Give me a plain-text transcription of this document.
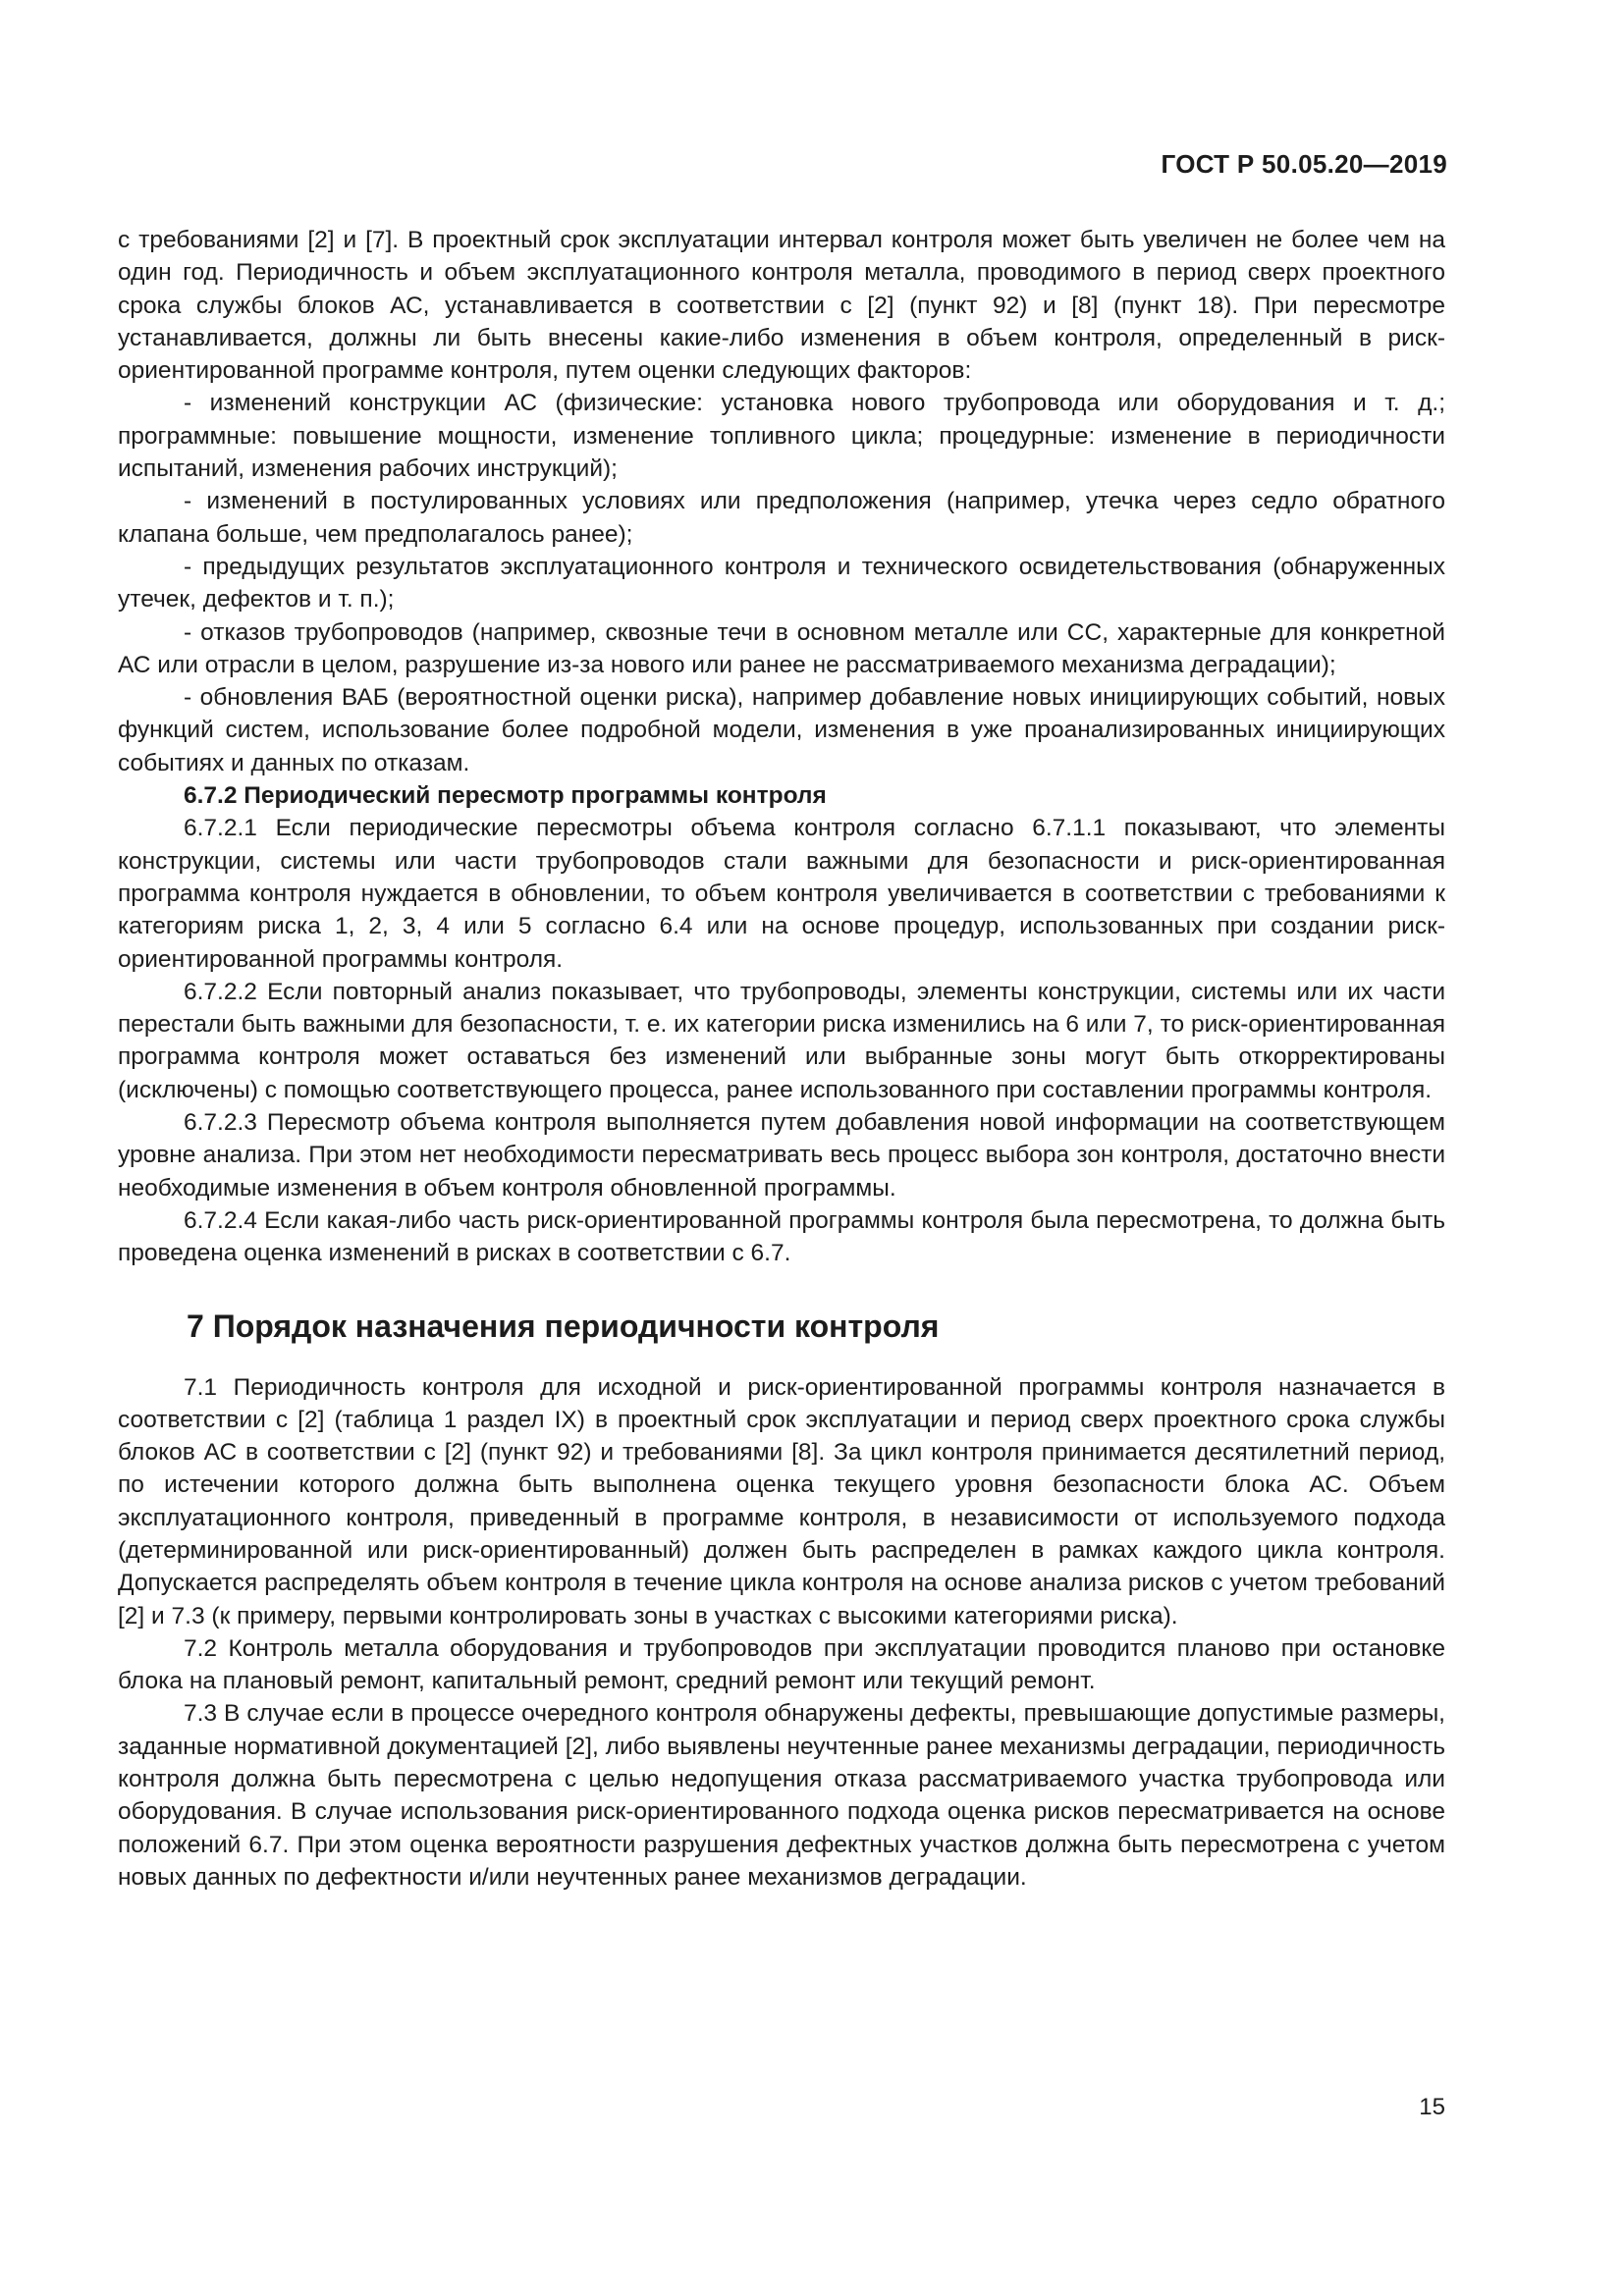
ГОСТ Р 50.05.20—2019

с требованиями [2] и [7]. В проектный срок эксплуатации интервал контроля может быть увеличен не более чем на один год. Периодичность и объем эксплуатационного контроля металла, проводимого в период сверх проектного срока службы блоков АС, устанавливается в соответствии с [2] (пункт 92) и [8] (пункт 18). При пересмотре устанавливается, должны ли быть внесены какие-либо изменения в объем контроля, определенный в риск-ориентированной программе контроля, путем оценки следующих факторов:

- изменений конструкции АС (физические: установка нового трубопровода или оборудования и т. д.; программные: повышение мощности, изменение топливного цикла; процедурные: изменение в периодичности испытаний, изменения рабочих инструкций);

- изменений в постулированных условиях или предположения (например, утечка через седло обратного клапана больше, чем предполагалось ранее);

- предыдущих результатов эксплуатационного контроля и технического освидетельствования (обнаруженных утечек, дефектов и т. п.);

- отказов трубопроводов (например, сквозные течи в основном металле или СС, характерные для конкретной АС или отрасли в целом, разрушение из-за нового или ранее не рассматриваемого механизма деградации);

- обновления ВАБ (вероятностной оценки риска), например добавление новых инициирующих событий, новых функций систем, использование более подробной модели, изменения в уже проанализированных инициирующих событиях и данных по отказам.

6.7.2 Периодический пересмотр программы контроля

6.7.2.1 Если периодические пересмотры объема контроля согласно 6.7.1.1 показывают, что элементы конструкции, системы или части трубопроводов стали важными для безопасности и риск-ориентированная программа контроля нуждается в обновлении, то объем контроля увеличивается в соответствии с требованиями к категориям риска 1, 2, 3, 4 или 5 согласно 6.4 или на основе процедур, использованных при создании риск-ориентированной программы контроля.

6.7.2.2 Если повторный анализ показывает, что трубопроводы, элементы конструкции, системы или их части перестали быть важными для безопасности, т. е. их категории риска изменились на 6 или 7, то риск-ориентированная программа контроля может оставаться без изменений или выбранные зоны могут быть откорректированы (исключены) с помощью соответствующего процесса, ранее использованного при составлении программы контроля.

6.7.2.3 Пересмотр объема контроля выполняется путем добавления новой информации на соответствующем уровне анализа. При этом нет необходимости пересматривать весь процесс выбора зон контроля, достаточно внести необходимые изменения в объем контроля обновленной программы.

6.7.2.4 Если какая-либо часть риск-ориентированной программы контроля была пересмотрена, то должна быть проведена оценка изменений в рисках в соответствии с 6.7.

7 Порядок назначения периодичности контроля

7.1 Периодичность контроля для исходной и риск-ориентированной программы контроля назначается в соответствии с [2] (таблица 1 раздел IX) в проектный срок эксплуатации и период сверх проектного срока службы блоков АС в соответствии с [2] (пункт 92) и требованиями [8]. За цикл контроля принимается десятилетний период, по истечении которого должна быть выполнена оценка текущего уровня безопасности блока АС. Объем эксплуатационного контроля, приведенный в программе контроля, в независимости от используемого подхода (детерминированной или риск-ориентированный) должен быть распределен в рамках каждого цикла контроля. Допускается распределять объем контроля в течение цикла контроля на основе анализа рисков с учетом требований [2] и 7.3 (к примеру, первыми контролировать зоны в участках с высокими категориями риска).

7.2 Контроль металла оборудования и трубопроводов при эксплуатации проводится планово при остановке блока на плановый ремонт, капитальный ремонт, средний ремонт или текущий ремонт.

7.3 В случае если в процессе очередного контроля обнаружены дефекты, превышающие допустимые размеры, заданные нормативной документацией [2], либо выявлены неучтенные ранее механизмы деградации, периодичность контроля должна быть пересмотрена с целью недопущения отказа рассматриваемого участка трубопровода или оборудования. В случае использования риск-ориентированного подхода оценка рисков пересматривается на основе положений 6.7. При этом оценка вероятности разрушения дефектных участков должна быть пересмотрена с учетом новых данных по дефектности и/или неучтенных ранее механизмов деградации.

15
